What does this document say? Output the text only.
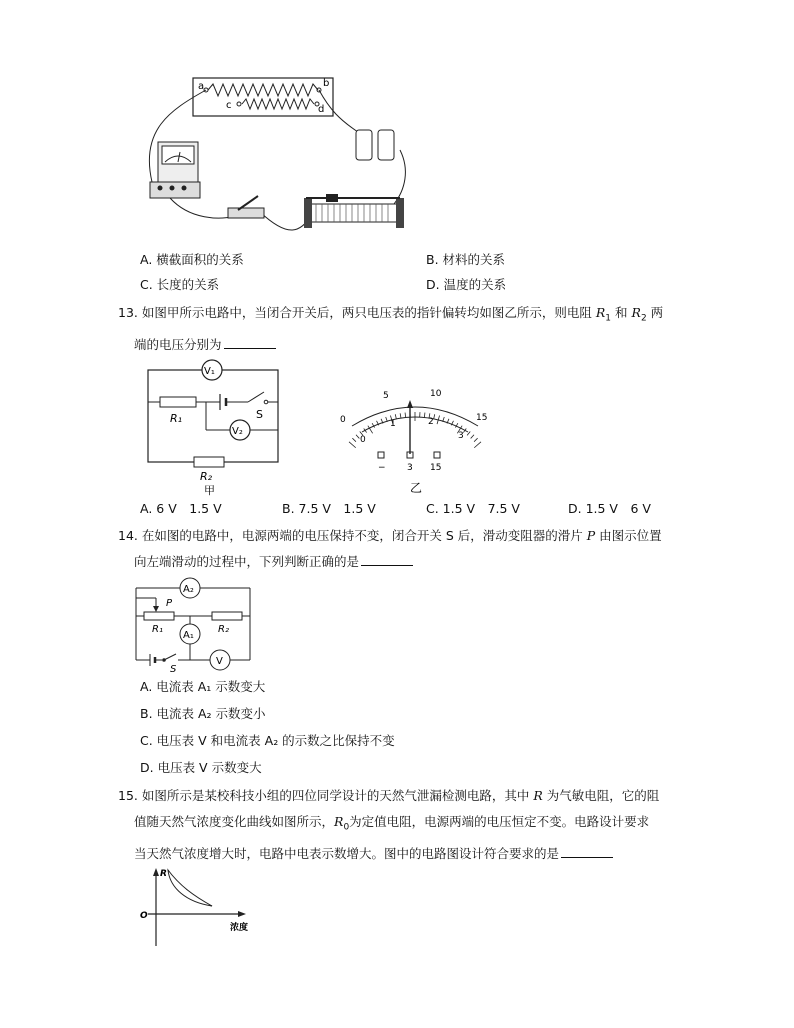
a
c
b
d
A. 横截面积的关系	B. 材料的关系
C. 长度的关系	D. 温度的关系
13. 如图甲所示电路中，当闭合开关后，两只电压表的指针偏转均如图乙所示，则电阻 $R_1$ 和 $R_2$ 两
端的电压分别为
V₁
R₁	S
V₂
R₂
甲
0
5	10
15
0
1	2
3
− 3 15
乙
A. 6 V　1.5 V	B. 7.5 V　1.5 V	C. 1.5 V　7.5 V	D. 1.5 V　6 V
14. 在如图的电路中，电源两端的电压保持不变，闭合开关 S 后，滑动变阻器的滑片 P 由图示位置
向左端滑动的过程中，下列判断正确的是
A₂
P
R₁	R₂
A₁
S
V
A. 电流表 A₁ 示数变大
B. 电流表 A₂ 示数变小
C. 电压表 V 和电流表 A₂ 的示数之比保持不变
D. 电压表 V 示数变大
15. 如图所示是某校科技小组的四位同学设计的天然气泄漏检测电路，其中 R 为气敏电阻，它的阻
值随天然气浓度变化曲线如图所示，$R_0$为定值电阻，电源两端的电压恒定不变。电路设计要求
当天然气浓度增大时，电路中电表示数增大。图中的电路图设计符合要求的是
R
O
浓度
